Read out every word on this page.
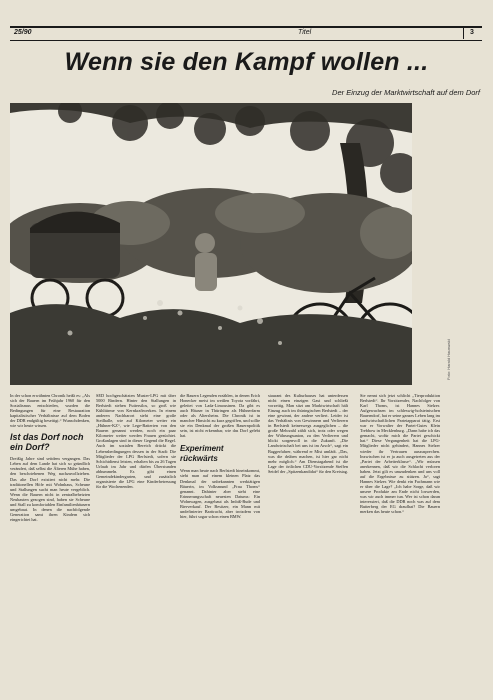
25/90	Titel	3
Wenn sie den Kampf wollen ...
Der Einzug der Marktwirtschaft auf dem Dorf
Foto: Harald Hauswald

In der schon erwähnten Chronik heißt es: „Als sich der Bauern im Frühjahr 1960 für den Sozialismus entschieden, wurden die Bedingungen für eine Restauration kapitalistischer Verhältnisse auf dem Boden der DDR endgültig beseitigt.“ Wunschdenken, wie wir heute wissen.

Ist das Dorf noch ein Dorf?

Dreißig Jahre sind seitdem vergangen. Das Leben auf dem Lande hat sich so gründlich verändert, daß selbst die Älteren Mühe haben, den beschriebenen Weg nachzuvollziehen. Das alte Dorf existiert nicht mehr. Die traditionellen Höfe mit Wohnhaus, Scheune und Stallungen sucht man heute vergeblich. Wenn die Bauern nicht in zentralbeheizten Neubauten gezogen sind, haben sie Scheune und Stall zu komfortablen Einfamilienhäusern umgebaut. In denen die nachfolgende Generation samt ihren Kindern sich eingerichtet hat.

SED hochgeschätzten Muster-LPG mit über 5000 Rindern. Hinter den Stallungen in Berlstedt stehen Futtersilos, so groß wie Kühltürme von Kernkraftwerken. In einem anderen Nachbarort steht eine große Steilhalle, wie auf Kilometer weiter ein „Hühner-KZ“, wie Lege-Batterien von den Bauern genannt werden, noch ein paar Kilometer weiter werden Frauen gezüchtet. Großanlagen sind in dieser Gegend die Regel. Auch im sozialen Bereich drückt die Lebensbedingungen dessen in der Stadt: Die Mitglieder der LPG Berlstedt, sofern sie Schichtdienst leisten, erhalten bis zu 26 Tagen Urlaub im Jahr und dürfen Überstunden abbummeln. Es gibt einen Gemeindekindergarten, und zusätzlich organisierte die LPG eine Kinderbetreuung für die Wochenenden.

die Bauern Legenden erzählen, in denen Erich Honecker meist im weißen Toyota vorfährt, geleitet von Lada-Limousinen. Da gibt es auch Häuser in Thüringen als Hühnerfarm oder als Altersheim. Die Chronik ist in mancher Hinsicht zu kurz gegriffen, und sollte sie ein Denkmal der großen Bauernpolitik sein, ist nicht erkennbar, wie das Dorf gelebt hat.

Experiment rückwärts

Wenn man heute nach Berlstedt hineinkommt, sieht man auf einem kleinen Platz das Denkmal der unbekannten werktätigen Bäuerin, im Volksmund „Frau Thoms“ genannt. Dahinter aber steht eine Erinnerungsschaft neuesten Datums: Ein Wohnwagen, ausgebaut als Imbiß-Bude und Bierverkauf. Der Besitzer, ein Mann mit undefinierter Barttracht, aber trotzdem von hier, führt sogar schon einen BMW.

staurant des Kulturhauses hat unterdessen nicht einen einzigen Gast und schließt vorzeitig. Man sitzt am Marktwirtschaft hält Einzug auch im thüringischen Berlstedt – der eine gewinnt, der andere verliert. Leider ist das Verhältnis von Gewinnern und Verlierern in Berlstedt keineswegs ausgeglichen – die große Mehrzahl zählt sich, trotz oder wegen der Währungsunion, zu den Verlierern und blickt sorgenvoll in die Zukunft. „Die Landwirtschaft bei uns ist im Arsch“, sagt ein Baggerfahrer, während er Mist umlädt. „Das, was die drüben machen, ist hier gar nicht mehr möglich.“ Am Dienstagabend ist die Lage der örtlichen CDU-Vorsitzende Steffen Seidel der „Spitzenkandidat“ für den Kreistag.

Sie nennt sich jetzt schlicht „Tierproduktion Berlstedt“. Ihr Vorsitzender, Nachfolger von Karl Thoms, ist Hannes Stelzer. Aufgewachsen im schleswig-holsteinischen Bauerndorf, hat er seine ganzes Leben lang im landwirtschaftlichen Parteiapparat tätig. Erst war er Vorwalter der Partei-Gutes Klein Trebbow in Mecklenburg. „Dann habe ich das gemacht, wofür mich die Partei geschickt hat.“ Diese Vergangenheit hat die LPG-Mitglieder nicht gehindert, Hannes Stelzer wieder ihr Vertrauen auszusprechen. Inzwischen ist er ja auch ausgetreten aus der „Partei der Arbeiterklasse“. „Wir müssen anerkennen, daß wir die Schlacht verloren haben. Jetzt gilt es umzudenken und uns voll auf die Ergebnisse zu stützen. Ja“, sagt Hannes Stelzer. Wie denkt ein Fachmann wie er über die Lage? „Ich habe Sorge, daß wir unsere Produkte am Ende nicht loswerden, was wir auch immer tun. Wer ist schon daran interessiert, daß die DDR noch was auf dem Butterberg der EG draufhat? Die Bauern merken das heute schon.“
